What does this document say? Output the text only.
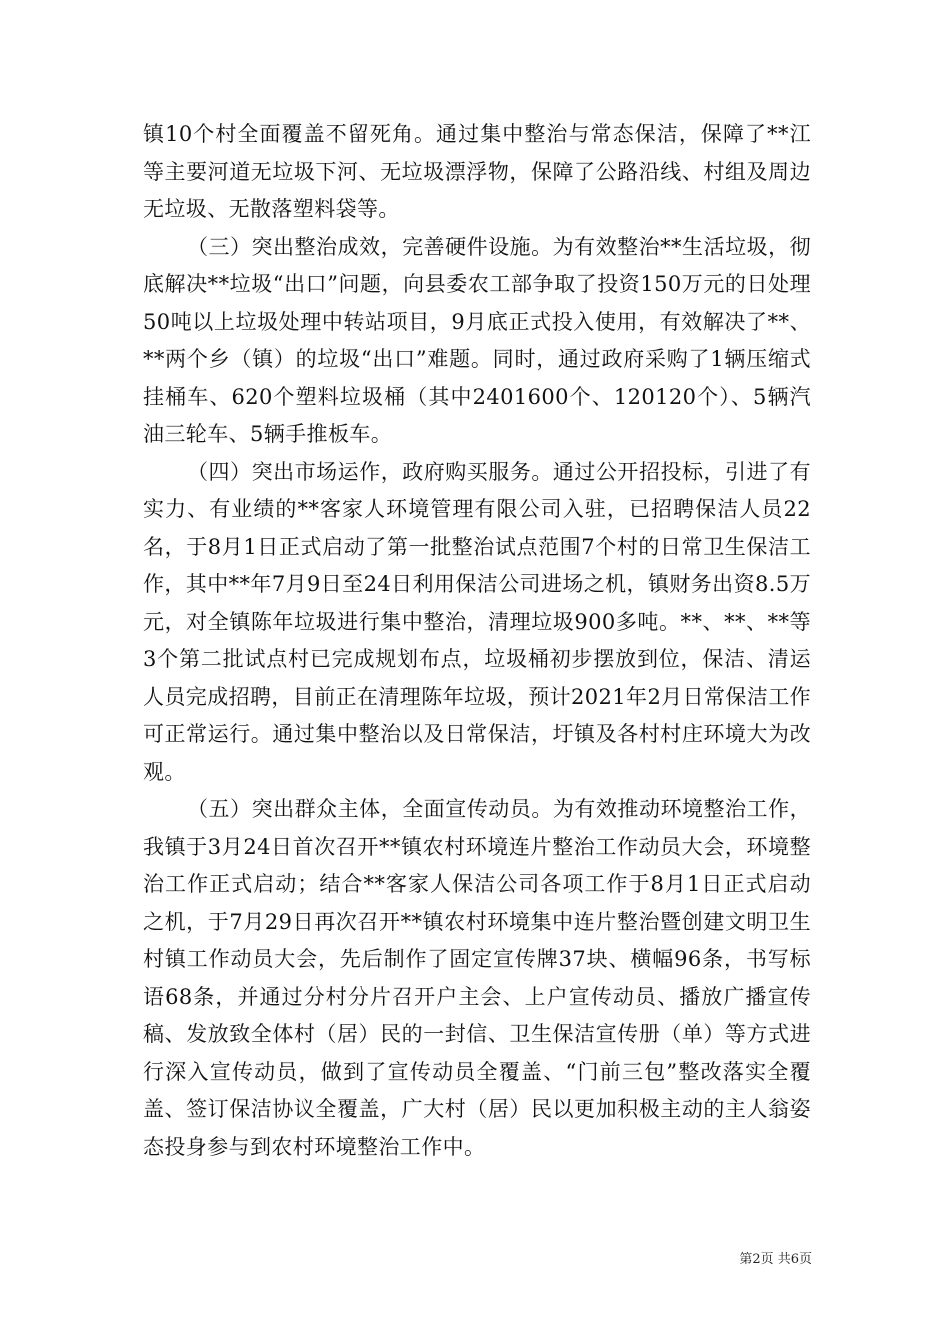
镇10个村全面覆盖不留死角。通过集中整治与常态保洁，保障了**江等主要河道无垃圾下河、无垃圾漂浮物，保障了公路沿线、村组及周边无垃圾、无散落塑料袋等。

（三）突出整治成效，完善硬件设施。为有效整治**生活垃圾，彻底解决**垃圾“出口”问题，向县委农工部争取了投资150万元的日处理50吨以上垃圾处理中转站项目，9月底正式投入使用，有效解决了**、**两个乡（镇）的垃圾“出口”难题。同时，通过政府采购了1辆压缩式挂桶车、620个塑料垃圾桶（其中2401600个、120120个）、5辆汽油三轮车、5辆手推板车。

（四）突出市场运作，政府购买服务。通过公开招投标，引进了有实力、有业绩的**客家人环境管理有限公司入驻，已招聘保洁人员22名，于8月1日正式启动了第一批整治试点范围7个村的日常卫生保洁工作，其中**年7月9日至24日利用保洁公司进场之机，镇财务出资8.5万元，对全镇陈年垃圾进行集中整治，清理垃圾900多吨。**、**、**等3个第二批试点村已完成规划布点，垃圾桶初步摆放到位，保洁、清运人员完成招聘，目前正在清理陈年垃圾，预计2021年2月日常保洁工作可正常运行。通过集中整治以及日常保洁，圩镇及各村村庄环境大为改观。

（五）突出群众主体，全面宣传动员。为有效推动环境整治工作，我镇于3月24日首次召开**镇农村环境连片整治工作动员大会，环境整治工作正式启动；结合**客家人保洁公司各项工作于8月1日正式启动之机，于7月29日再次召开**镇农村环境集中连片整治暨创建文明卫生村镇工作动员大会，先后制作了固定宣传牌37块、横幅96条，书写标语68条，并通过分村分片召开户主会、上户宣传动员、播放广播宣传稿、发放致全体村（居）民的一封信、卫生保洁宣传册（单）等方式进行深入宣传动员，做到了宣传动员全覆盖、“门前三包”整改落实全覆盖、签订保洁协议全覆盖，广大村（居）民以更加积极主动的主人翁姿态投身参与到农村环境整治工作中。

第2页 共6页
